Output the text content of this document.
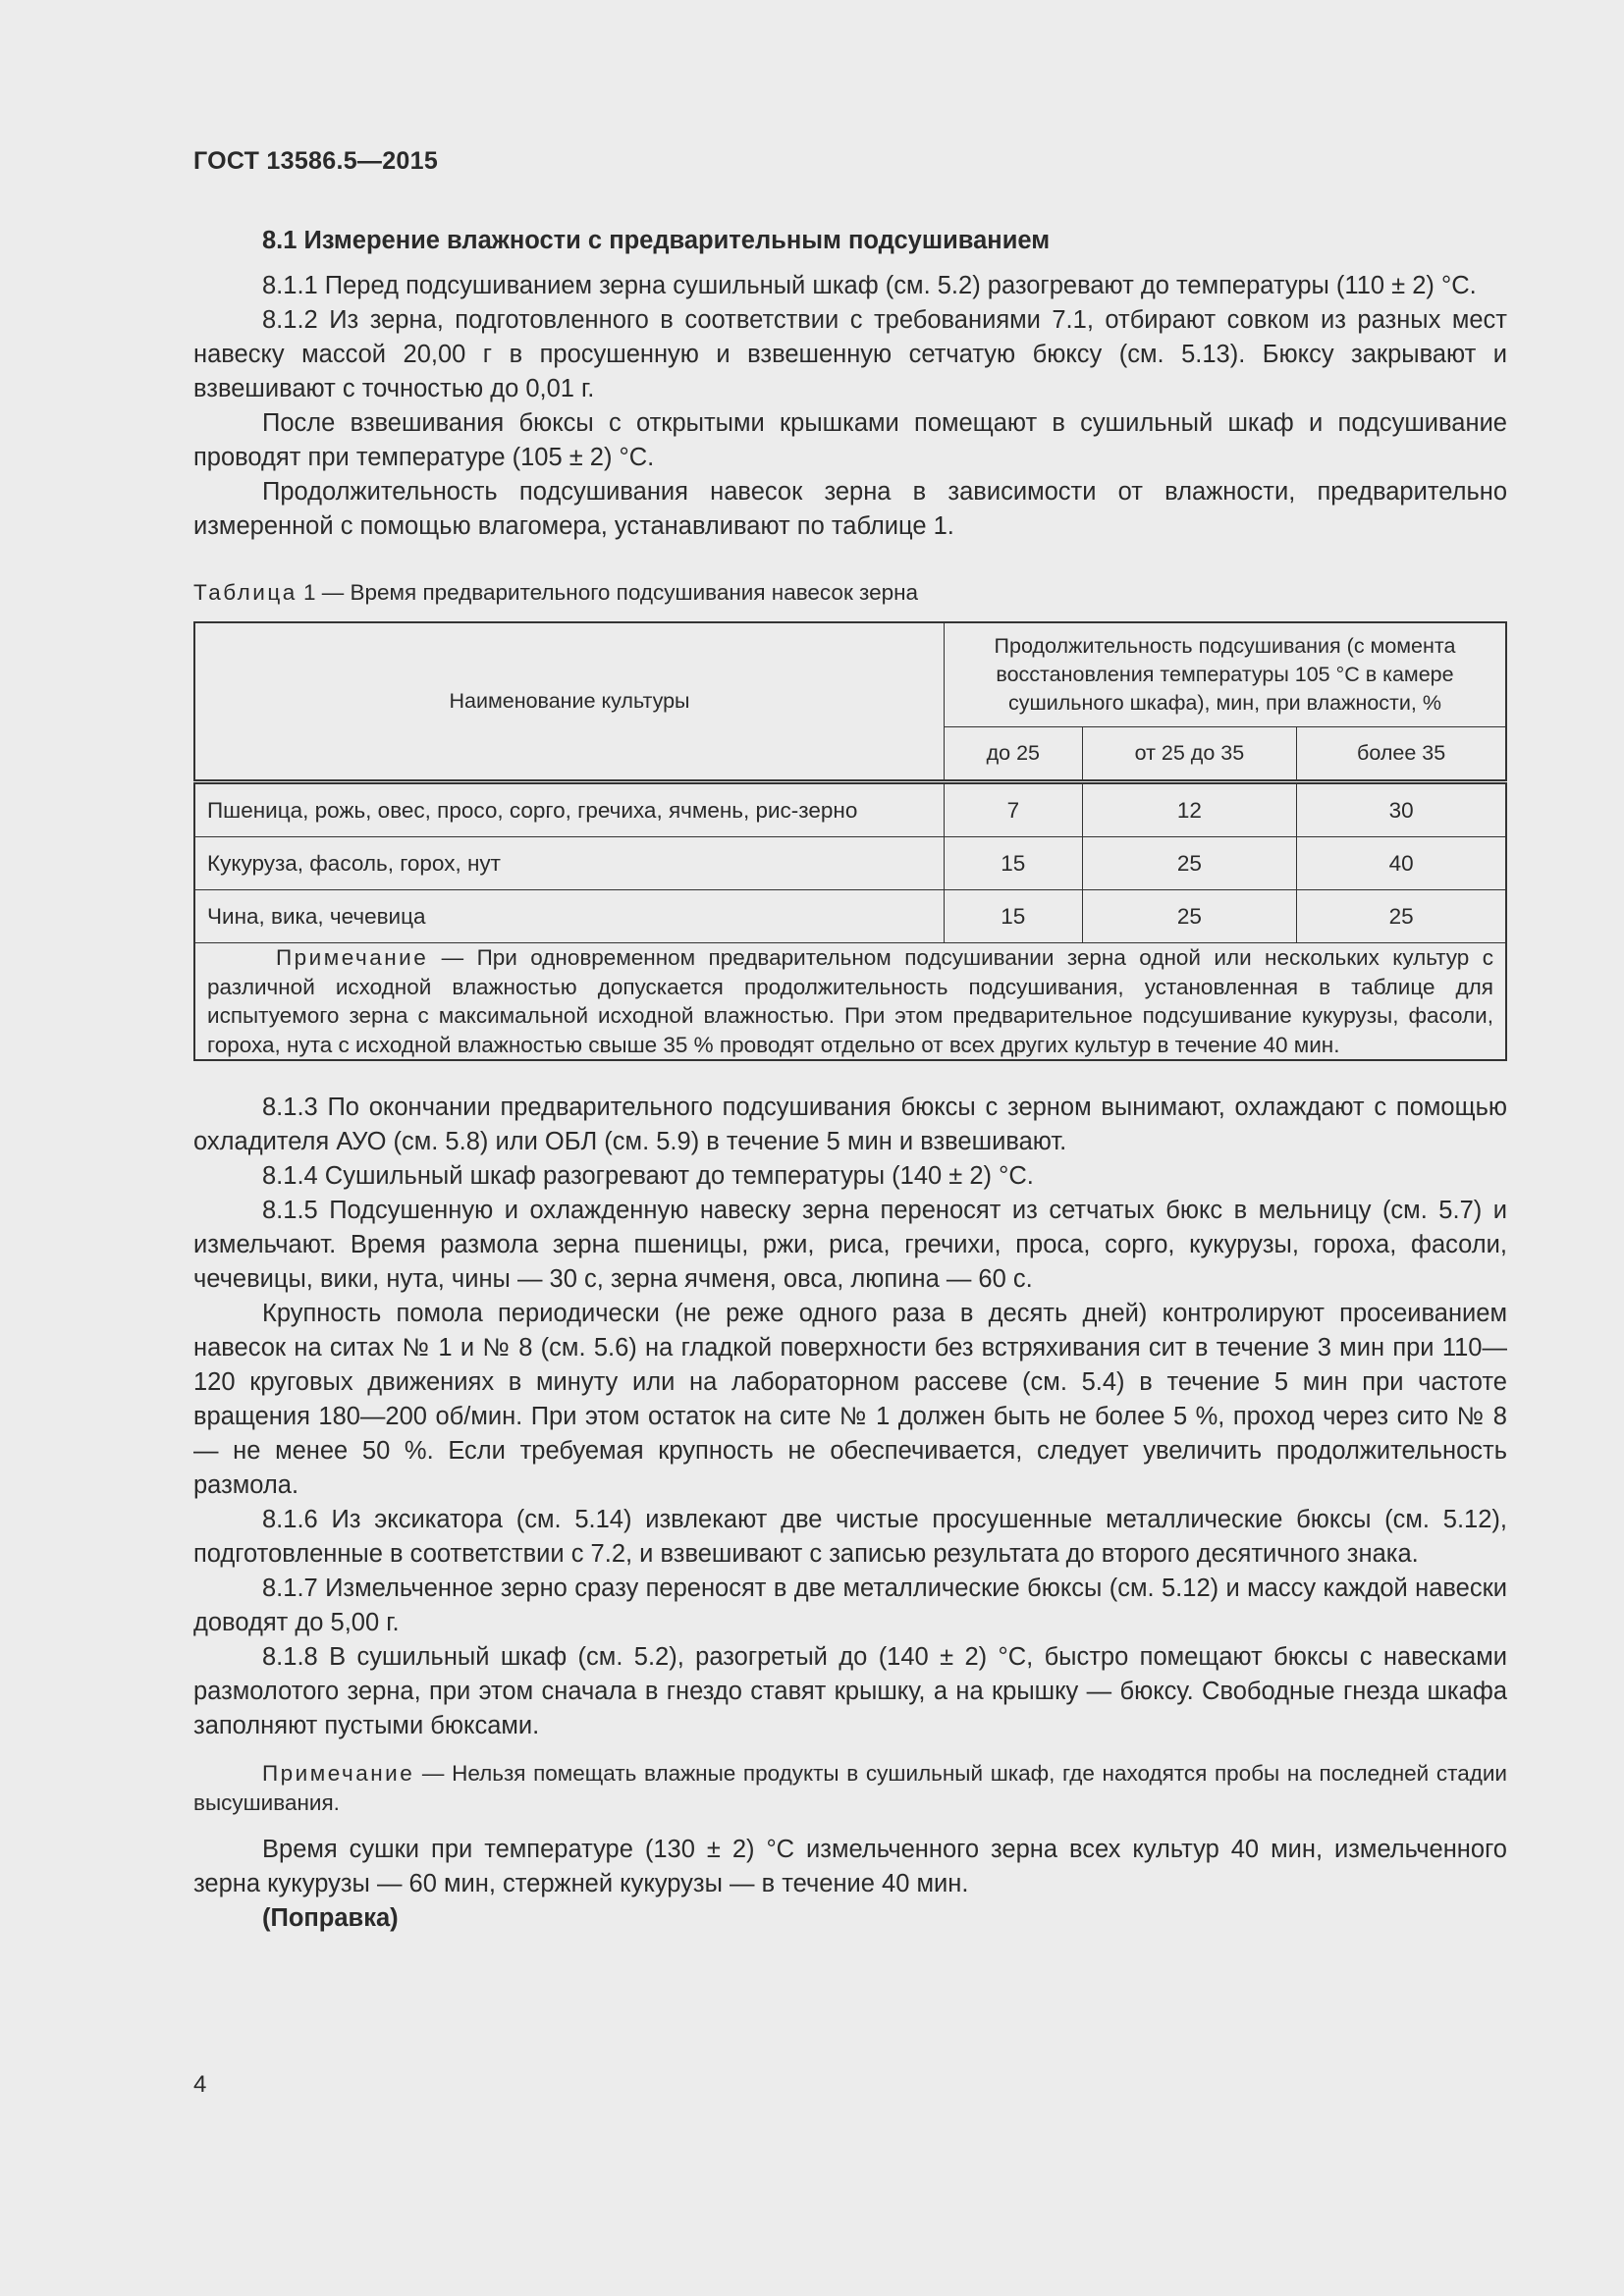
ГОСТ 13586.5—2015
8.1 Измерение влажности с предварительным подсушиванием

8.1.1 Перед подсушиванием зерна сушильный шкаф (см. 5.2) разогревают до температуры (110 ± 2) °С.

8.1.2 Из зерна, подготовленного в соответствии с требованиями 7.1, отбирают совком из разных мест навеску массой 20,00 г в просушенную и взвешенную сетчатую бюксу (см. 5.13). Бюксу закрывают и взвешивают с точностью до 0,01 г.

После взвешивания бюксы с открытыми крышками помещают в сушильный шкаф и подсушивание проводят при температуре (105 ± 2) °С.

Продолжительность подсушивания навесок зерна в зависимости от влажности, предварительно измеренной с помощью влагомера, устанавливают по таблице 1.

Таблица 1 — Время предварительного подсушивания навесок зерна
Наименование культуры	Продолжительность подсушивания (с момента восстановления температуры 105 °С в камере сушильного шкафа), мин, при влажности, %		
	до 25	от 25 до 35	более 35
Пшеница, рожь, овес, просо, сорго, гречиха, ячмень, рис-зерно	7	12	30
Кукуруза, фасоль, горох, нут	15	25	40
Чина, вика, чечевица	15	25	25
Примечание — При одновременном предварительном подсушивании зерна одной или нескольких культур с различной исходной влажностью допускается продолжительность подсушивания, установленная в таблице для испытуемого зерна с максимальной исходной влажностью. При этом предварительное подсушивание кукурузы, фасоли, гороха, нута с исходной влажностью свыше 35 % проводят отдельно от всех других культур в течение 40 мин.			

8.1.3 По окончании предварительного подсушивания бюксы с зерном вынимают, охлаждают с помощью охладителя АУО (см. 5.8) или ОБЛ (см. 5.9) в течение 5 мин и взвешивают.

8.1.4 Сушильный шкаф разогревают до температуры (140 ± 2) °С.

8.1.5 Подсушенную и охлажденную навеску зерна переносят из сетчатых бюкс в мельницу (см. 5.7) и измельчают. Время размола зерна пшеницы, ржи, риса, гречихи, проса, сорго, кукурузы, гороха, фасоли, чечевицы, вики, нута, чины — 30 с, зерна ячменя, овса, люпина — 60 с.

Крупность помола периодически (не реже одного раза в десять дней) контролируют просеиванием навесок на ситах № 1 и № 8 (см. 5.6) на гладкой поверхности без встряхивания сит в течение 3 мин при 110—120 круговых движениях в минуту или на лабораторном рассеве (см. 5.4) в течение 5 мин при частоте вращения 180—200 об/мин. При этом остаток на сите № 1 должен быть не более 5 %, проход через сито № 8 — не менее 50 %. Если требуемая крупность не обеспечивается, следует увеличить продолжительность размола.

8.1.6 Из эксикатора (см. 5.14) извлекают две чистые просушенные металлические бюксы (см. 5.12), подготовленные в соответствии с 7.2, и взвешивают с записью результата до второго десятичного знака.

8.1.7 Измельченное зерно сразу переносят в две металлические бюксы (см. 5.12) и массу каждой навески доводят до 5,00 г.

8.1.8 В сушильный шкаф (см. 5.2), разогретый до (140 ± 2) °С, быстро помещают бюксы с навесками размолотого зерна, при этом сначала в гнездо ставят крышку, а на крышку — бюксу. Свободные гнезда шкафа заполняют пустыми бюксами.

Примечание — Нельзя помещать влажные продукты в сушильный шкаф, где находятся пробы на последней стадии высушивания.

Время сушки при температуре (130 ± 2) °С измельченного зерна всех культур 40 мин, измельченного зерна кукурузы — 60 мин, стержней кукурузы — в течение 40 мин.

(Поправка)
4
